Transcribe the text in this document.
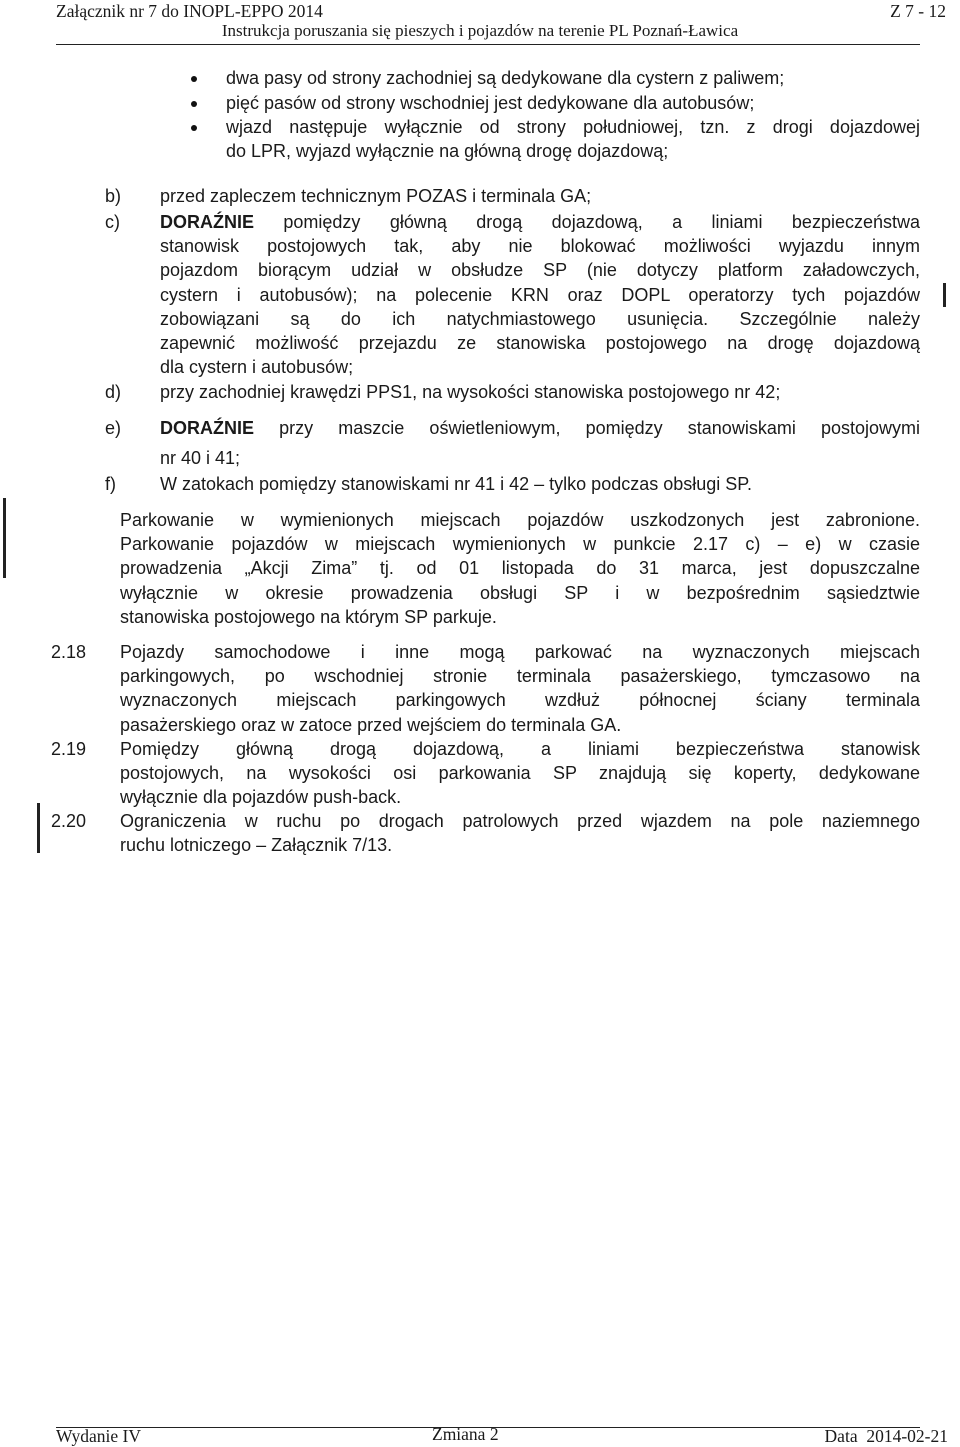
Załącznik nr 7 do INOPL-EPPO 2014	Z 7 - 12
Instrukcja poruszania się pieszych i pojazdów na terenie PL Poznań-Ławica
dwa pasy od strony zachodniej są dedykowane dla cystern z paliwem;
pięć pasów od strony wschodniej jest dedykowane dla autobusów;
wjazd następuje wyłącznie od strony południowej, tzn. z drogi dojazdowej
do LPR, wyjazd wyłącznie na główną drogę dojazdową;
b) przed zapleczem technicznym POZAS i terminala GA;
c) DORAŹNIE pomiędzy główną drogą dojazdową, a liniami bezpieczeństwa
stanowisk postojowych tak, aby nie blokować możliwości wyjazdu innym
pojazdom biorącym udział w obsłudze SP (nie dotyczy platform załadowczych,
cystern i autobusów); na polecenie KRN oraz DOPL operatorzy tych pojazdów
zobowiązani są do ich natychmiastowego usunięcia. Szczególnie należy
zapewnić możliwość przejazdu ze stanowiska postojowego na drogę dojazdową
dla cystern i autobusów;
d) przy zachodniej krawędzi PPS1, na wysokości stanowiska postojowego nr 42;
e) DORAŹNIE przy maszcie oświetleniowym, pomiędzy stanowiskami postojowymi
nr 40 i 41;
f) W zatokach pomiędzy stanowiskami nr 41 i 42 – tylko podczas obsługi SP.
Parkowanie w wymienionych miejscach pojazdów uszkodzonych jest zabronione.
Parkowanie pojazdów w miejscach wymienionych w punkcie 2.17 c) – e) w czasie
prowadzenia „Akcji Zima” tj. od 01 listopada do 31 marca, jest dopuszczalne
wyłącznie w okresie prowadzenia obsługi SP i w bezpośrednim sąsiedztwie
stanowiska postojowego na którym SP parkuje.
2.18 Pojazdy samochodowe i inne mogą parkować na wyznaczonych miejscach
parkingowych, po wschodniej stronie terminala pasażerskiego, tymczasowo na
wyznaczonych miejscach parkingowych wzdłuż północnej ściany terminala
pasażerskiego oraz w zatoce przed wejściem do terminala GA.
2.19 Pomiędzy główną drogą dojazdową, a liniami bezpieczeństwa stanowisk
postojowych, na wysokości osi parkowania SP znajdują się koperty, dedykowane
wyłącznie dla pojazdów push-back.
2.20 Ograniczenia w ruchu po drogach patrolowych przed wjazdem na pole naziemnego
ruchu lotniczego – Załącznik 7/13.
Wydanie IV	Zmiana 2	Data  2014-02-21
